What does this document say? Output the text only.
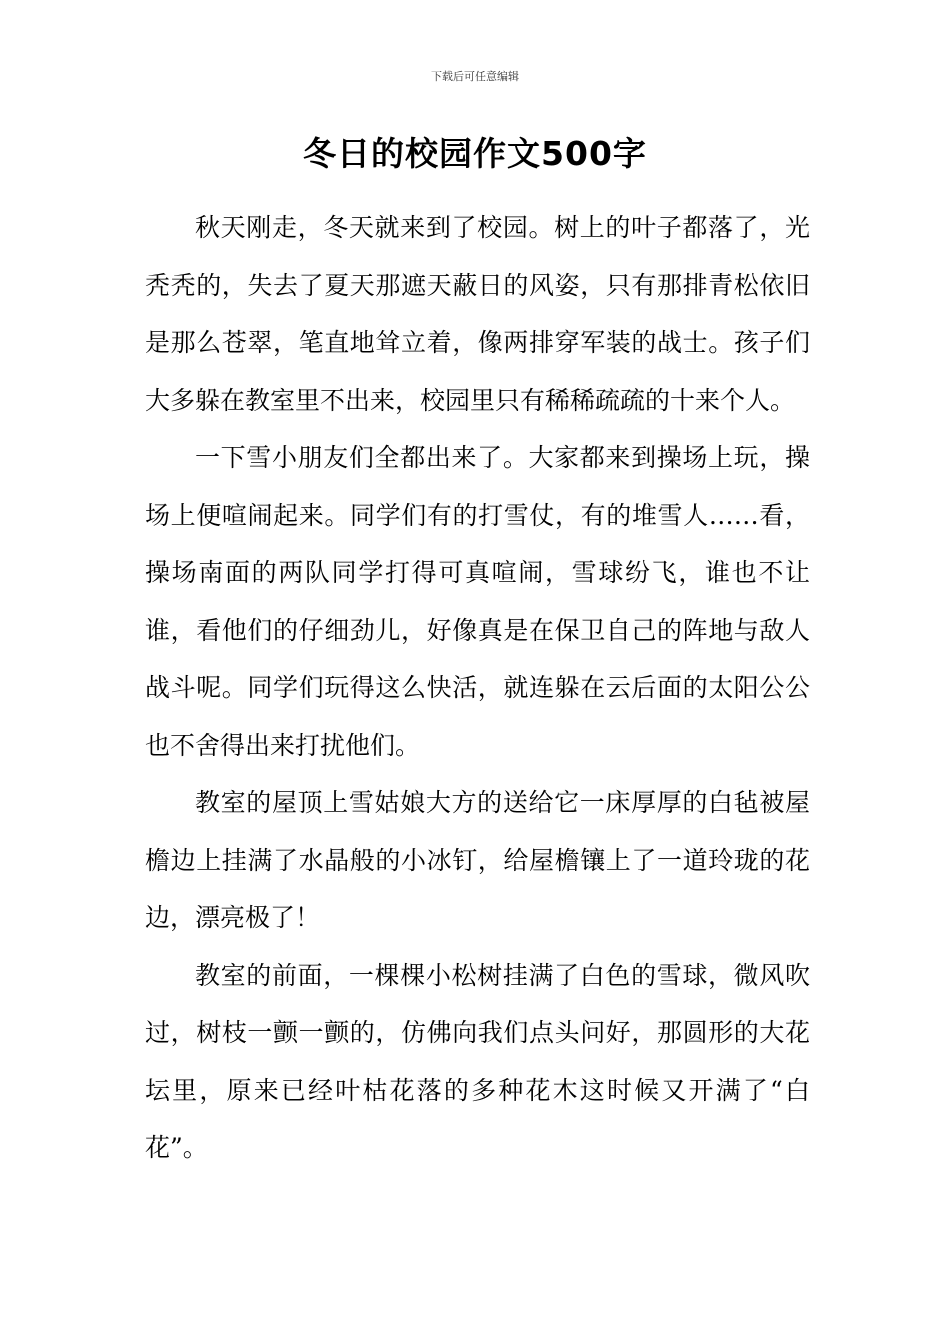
下载后可任意编辑
冬日的校园作文500字

秋天刚走，冬天就来到了校园。树上的叶子都落了，光秃秃的，失去了夏天那遮天蔽日的风姿，只有那排青松依旧是那么苍翠，笔直地耸立着，像两排穿军装的战士。孩子们大多躲在教室里不出来，校园里只有稀稀疏疏的十来个人。

一下雪小朋友们全都出来了。大家都来到操场上玩，操场上便喧闹起来。同学们有的打雪仗，有的堆雪人……看，操场南面的两队同学打得可真喧闹，雪球纷飞，谁也不让谁，看他们的仔细劲儿，好像真是在保卫自己的阵地与敌人战斗呢。同学们玩得这么快活，就连躲在云后面的太阳公公也不舍得出来打扰他们。

教室的屋顶上雪姑娘大方的送给它一床厚厚的白毡被屋檐边上挂满了水晶般的小冰钉，给屋檐镶上了一道玲珑的花边，漂亮极了！

教室的前面，一棵棵小松树挂满了白色的雪球，微风吹过，树枝一颤一颤的，仿佛向我们点头问好，那圆形的大花坛里，原来已经叶枯花落的多种花木这时候又开满了“白花”。
